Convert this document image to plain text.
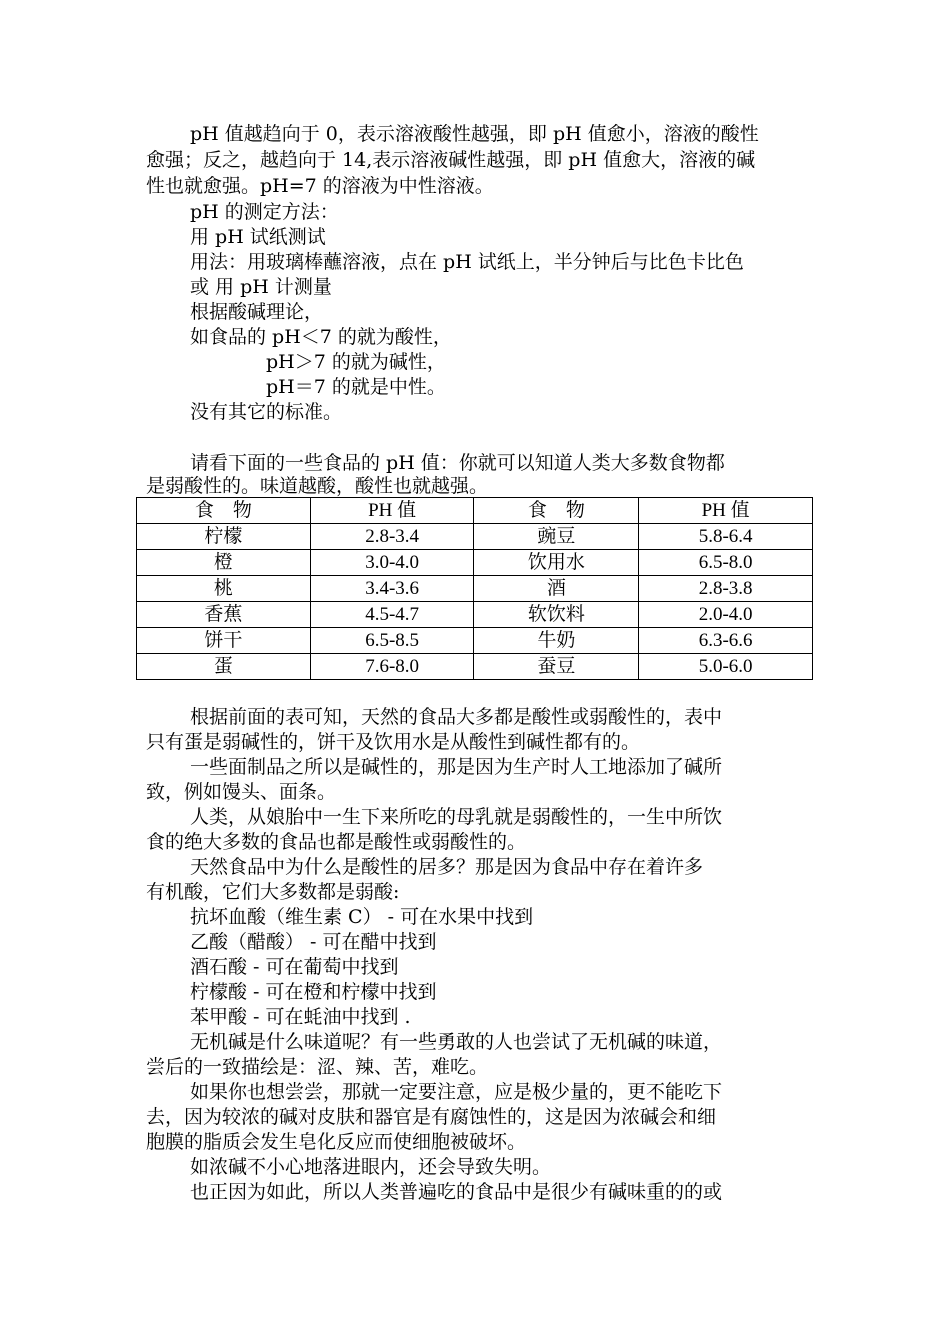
pH 值越趋向于 0，表示溶液酸性越强，即 pH 值愈小，溶液的酸性
愈强；反之，越趋向于 14,表示溶液碱性越强，即 pH 值愈大，溶液的碱
性也就愈强。pH=7 的溶液为中性溶液。
pH 的测定方法：
用 pH 试纸测试
用法：用玻璃棒蘸溶液，点在 pH 试纸上，半分钟后与比色卡比色
或 用 pH 计测量
根据酸碱理论，
如食品的 pH＜7 的就为酸性，
pH＞7 的就为碱性，
pH＝7 的就是中性。
没有其它的标准。
请看下面的一些食品的 pH 值：你就可以知道人类大多数食物都
是弱酸性的。味道越酸，酸性也就越强。
食　物	PH 值	食　物	PH 值
柠檬	2.8-3.4	豌豆	5.8-6.4
橙	3.0-4.0	饮用水	6.5-8.0
桃	3.4-3.6	酒	2.8-3.8
香蕉	4.5-4.7	软饮料	2.0-4.0
饼干	6.5-8.5	牛奶	6.3-6.6
蛋	7.6-8.0	蚕豆	5.0-6.0
根据前面的表可知，天然的食品大多都是酸性或弱酸性的，表中
只有蛋是弱碱性的，饼干及饮用水是从酸性到碱性都有的。
一些面制品之所以是碱性的，那是因为生产时人工地添加了碱所
致，例如馒头、面条。
人类，从娘胎中一生下来所吃的母乳就是弱酸性的，一生中所饮
食的绝大多数的食品也都是酸性或弱酸性的。
天然食品中为什么是酸性的居多？那是因为食品中存在着许多
有机酸，它们大多数都是弱酸:
抗坏血酸（维生素 C） - 可在水果中找到
乙酸（醋酸） - 可在醋中找到
酒石酸 - 可在葡萄中找到
柠檬酸 - 可在橙和柠檬中找到
苯甲酸 - 可在蚝油中找到 .
无机碱是什么味道呢？有一些勇敢的人也尝试了无机碱的味道，
尝后的一致描绘是：涩、辣、苦，难吃。
如果你也想尝尝，那就一定要注意，应是极少量的，更不能吃下
去，因为较浓的碱对皮肤和器官是有腐蚀性的，这是因为浓碱会和细
胞膜的脂质会发生皂化反应而使细胞被破坏。
如浓碱不小心地落进眼内，还会导致失明。
也正因为如此，所以人类普遍吃的食品中是很少有碱味重的的或
